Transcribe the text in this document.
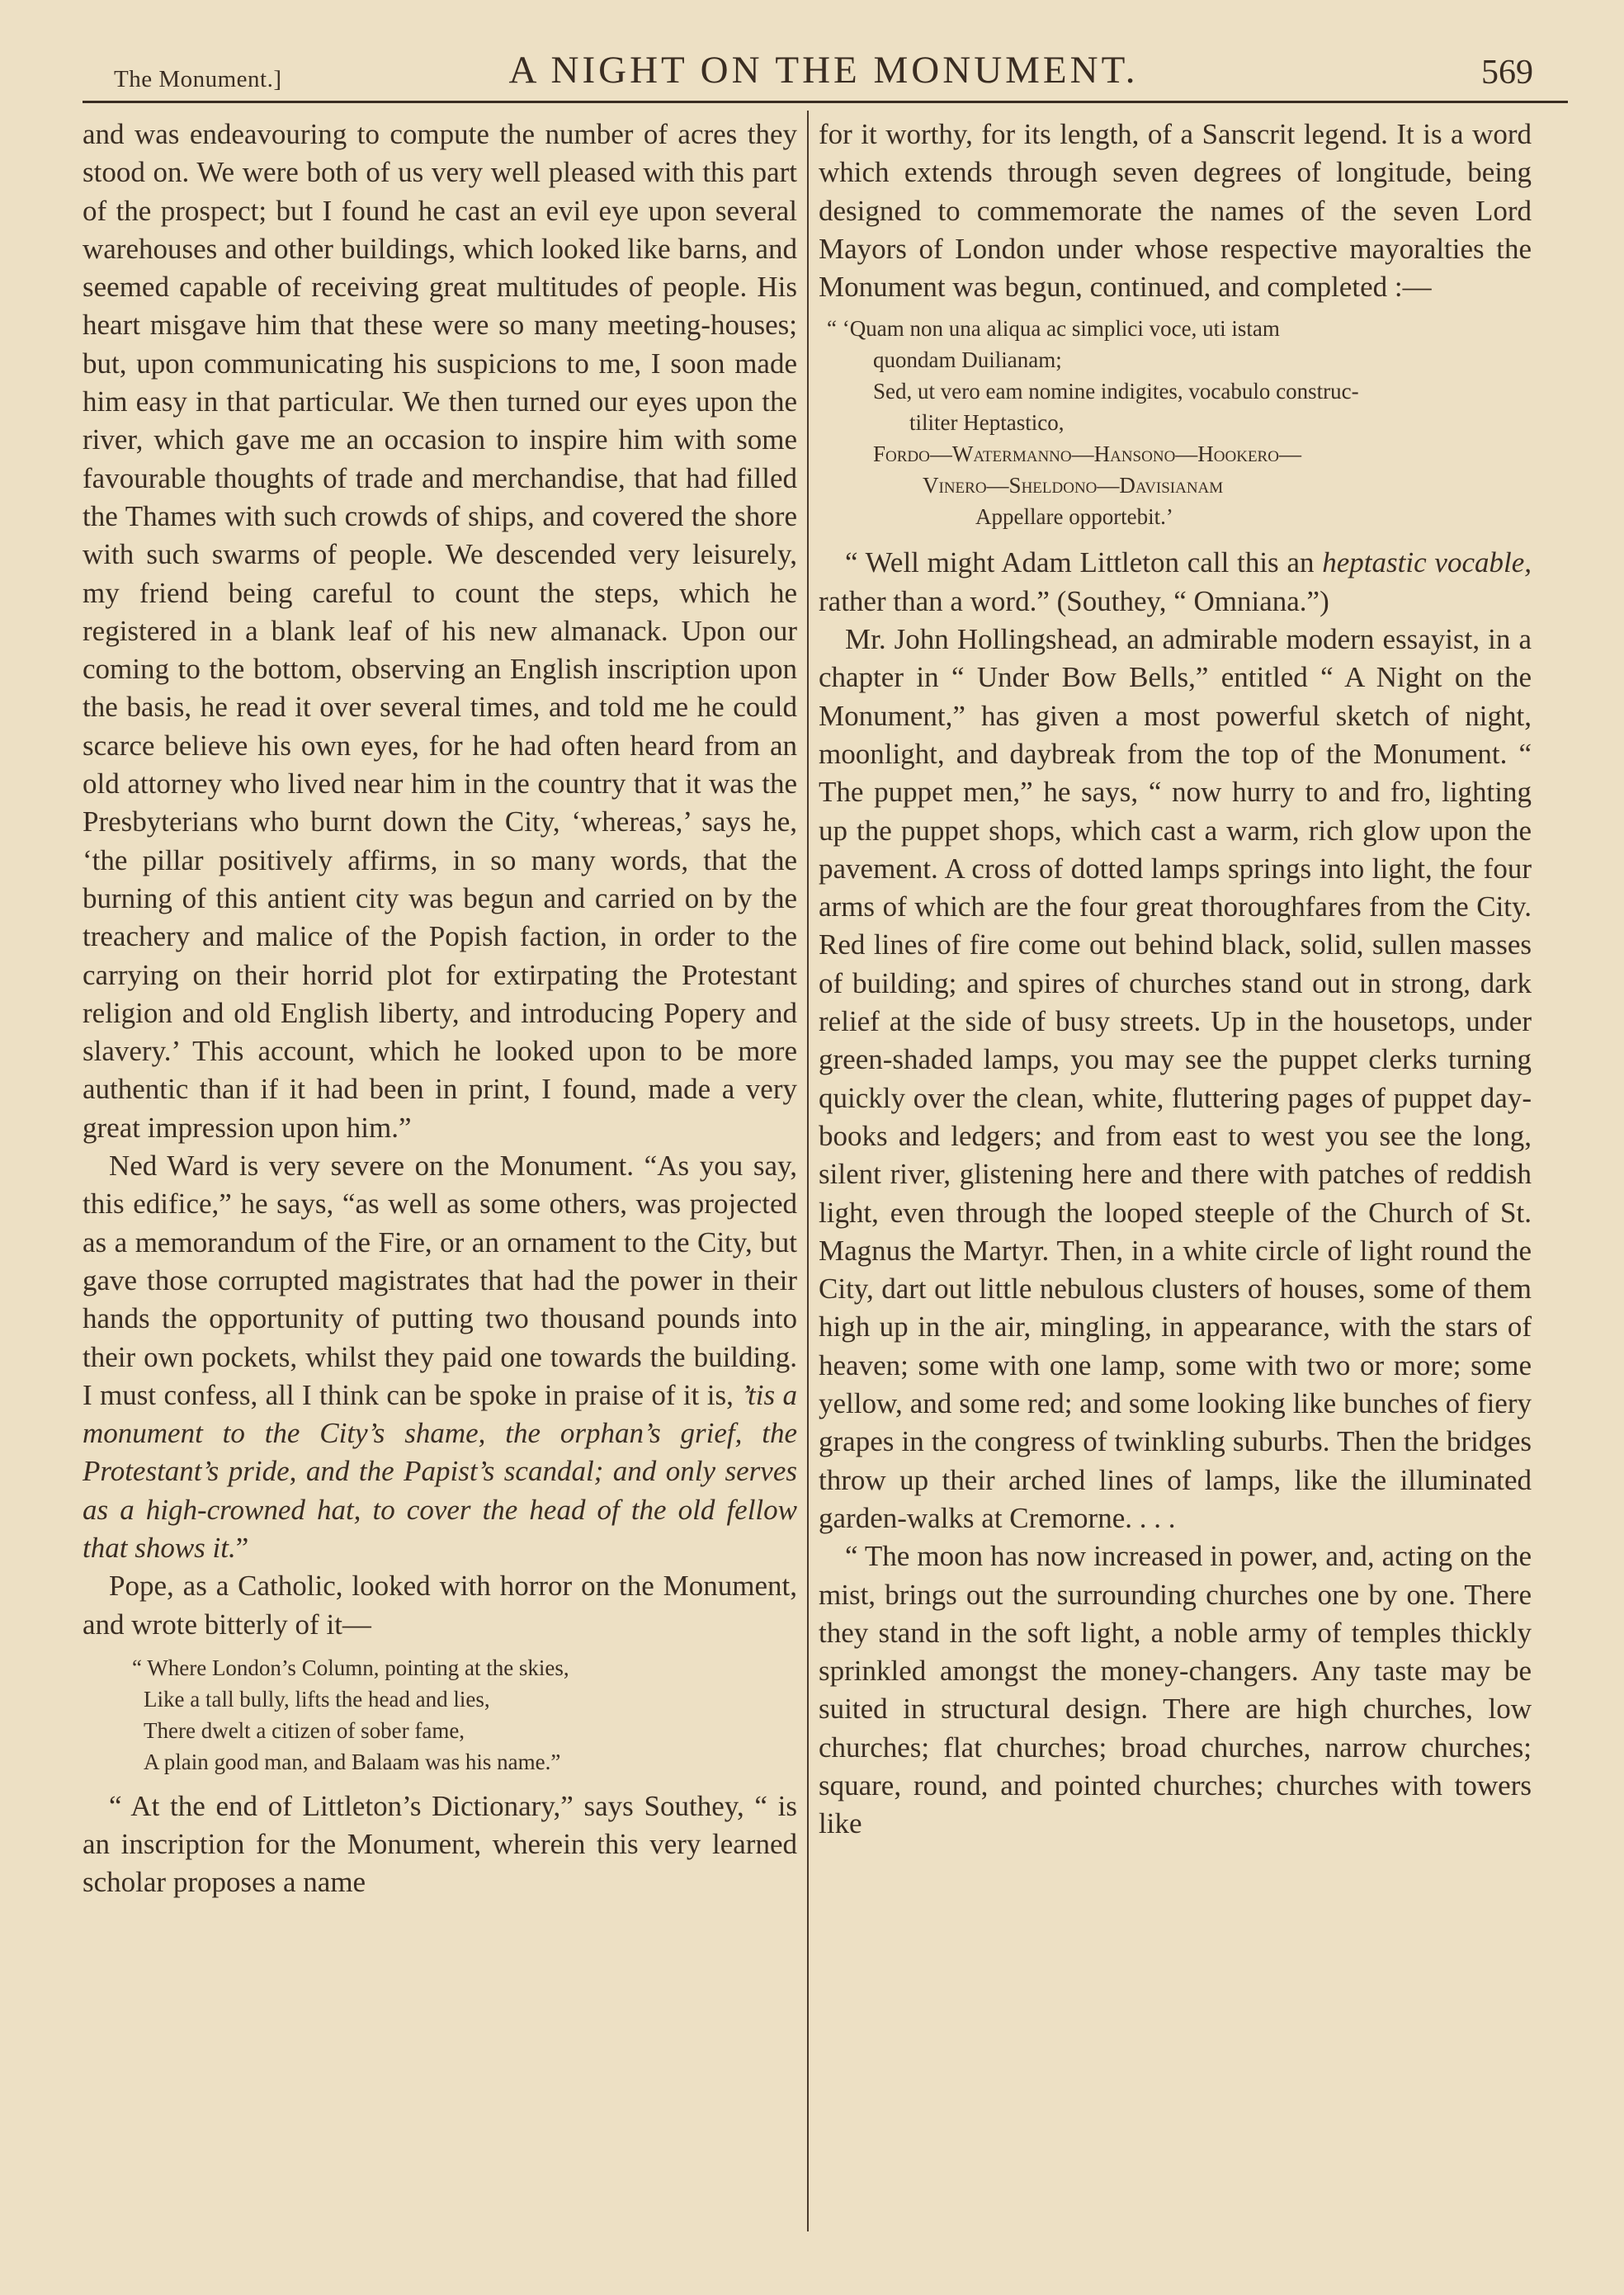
The Monument.]	A NIGHT ON THE MONUMENT.	569

and was endeavouring to compute the number of acres they stood on. We were both of us very well pleased with this part of the prospect; but I found he cast an evil eye upon several warehouses and other buildings, which looked like barns, and seemed capable of receiving great multitudes of people. His heart misgave him that these were so many meeting-houses; but, upon communicating his suspicions to me, I soon made him easy in that particular. We then turned our eyes upon the river, which gave me an occasion to inspire him with some favourable thoughts of trade and merchandise, that had filled the Thames with such crowds of ships, and covered the shore with such swarms of people. We descended very leisurely, my friend being careful to count the steps, which he registered in a blank leaf of his new almanack. Upon our coming to the bottom, observing an English inscription upon the basis, he read it over several times, and told me he could scarce believe his own eyes, for he had often heard from an old attorney who lived near him in the country that it was the Presbyterians who burnt down the City, ‘whereas,’ says he, ‘the pillar positively affirms, in so many words, that the burning of this antient city was begun and carried on by the treachery and malice of the Popish faction, in order to the carrying on their horrid plot for extirpating the Protestant religion and old English liberty, and introducing Popery and slavery.’ This account, which he looked upon to be more authentic than if it had been in print, I found, made a very great impression upon him.”

Ned Ward is very severe on the Monument. “As you say, this edifice,” he says, “as well as some others, was projected as a memorandum of the Fire, or an ornament to the City, but gave those corrupted magistrates that had the power in their hands the opportunity of putting two thousand pounds into their own pockets, whilst they paid one towards the building. I must confess, all I think can be spoke in praise of it is, ’tis a monument to the City’s shame, the orphan’s grief, the Protestant’s pride, and the Papist’s scandal; and only serves as a high-crowned hat, to cover the head of the old fellow that shows it.”

Pope, as a Catholic, looked with horror on the Monument, and wrote bitterly of it—

“ Where London’s Column, pointing at the skies,
Like a tall bully, lifts the head and lies,
There dwelt a citizen of sober fame,
A plain good man, and Balaam was his name.”

“ At the end of Littleton’s Dictionary,” says Southey, “ is an inscription for the Monument, wherein this very learned scholar proposes a name

for it worthy, for its length, of a Sanscrit legend. It is a word which extends through seven degrees of longitude, being designed to commemorate the names of the seven Lord Mayors of London under whose respective mayoralties the Monument was begun, continued, and completed :—

“ ‘Quam non una aliqua ac simplici voce, uti istam
quondam Duilianam;
Sed, ut vero eam nomine indigites, vocabulo construc-
tiliter Heptastico,
Fordo—Watermanno—Hansono—Hookero—
Vinero—Sheldono—Davisianam
Appellare opportebit.’

“ Well might Adam Littleton call this an heptastic vocable, rather than a word.” (Southey, “ Omniana.”)

Mr. John Hollingshead, an admirable modern essayist, in a chapter in “ Under Bow Bells,” entitled “ A Night on the Monument,” has given a most powerful sketch of night, moonlight, and daybreak from the top of the Monument. “ The puppet men,” he says, “ now hurry to and fro, lighting up the puppet shops, which cast a warm, rich glow upon the pavement. A cross of dotted lamps springs into light, the four arms of which are the four great thoroughfares from the City. Red lines of fire come out behind black, solid, sullen masses of building; and spires of churches stand out in strong, dark relief at the side of busy streets. Up in the housetops, under green-shaded lamps, you may see the puppet clerks turning quickly over the clean, white, fluttering pages of puppet day-books and ledgers; and from east to west you see the long, silent river, glistening here and there with patches of reddish light, even through the looped steeple of the Church of St. Magnus the Martyr. Then, in a white circle of light round the City, dart out little nebulous clusters of houses, some of them high up in the air, mingling, in appearance, with the stars of heaven; some with one lamp, some with two or more; some yellow, and some red; and some looking like bunches of fiery grapes in the congress of twinkling suburbs. Then the bridges throw up their arched lines of lamps, like the illuminated garden-walks at Cremorne. . . .

“ The moon has now increased in power, and, acting on the mist, brings out the surrounding churches one by one. There they stand in the soft light, a noble army of temples thickly sprinkled amongst the money-changers. Any taste may be suited in structural design. There are high churches, low churches; flat churches; broad churches, narrow churches; square, round, and pointed churches; churches with towers like
